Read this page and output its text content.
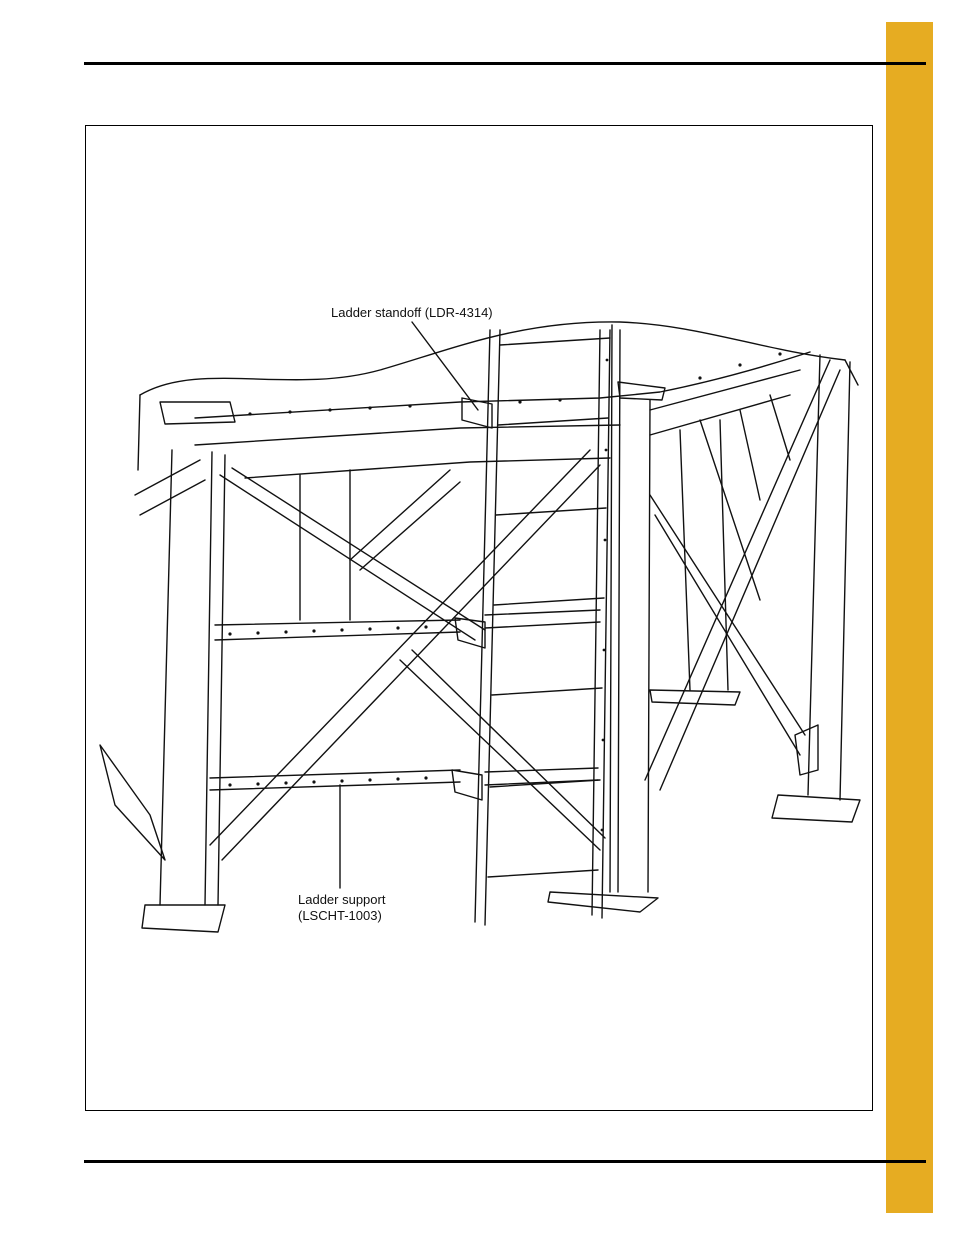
Ladder standoff (LDR-4314)
Ladder support
(LSCHT-1003)
